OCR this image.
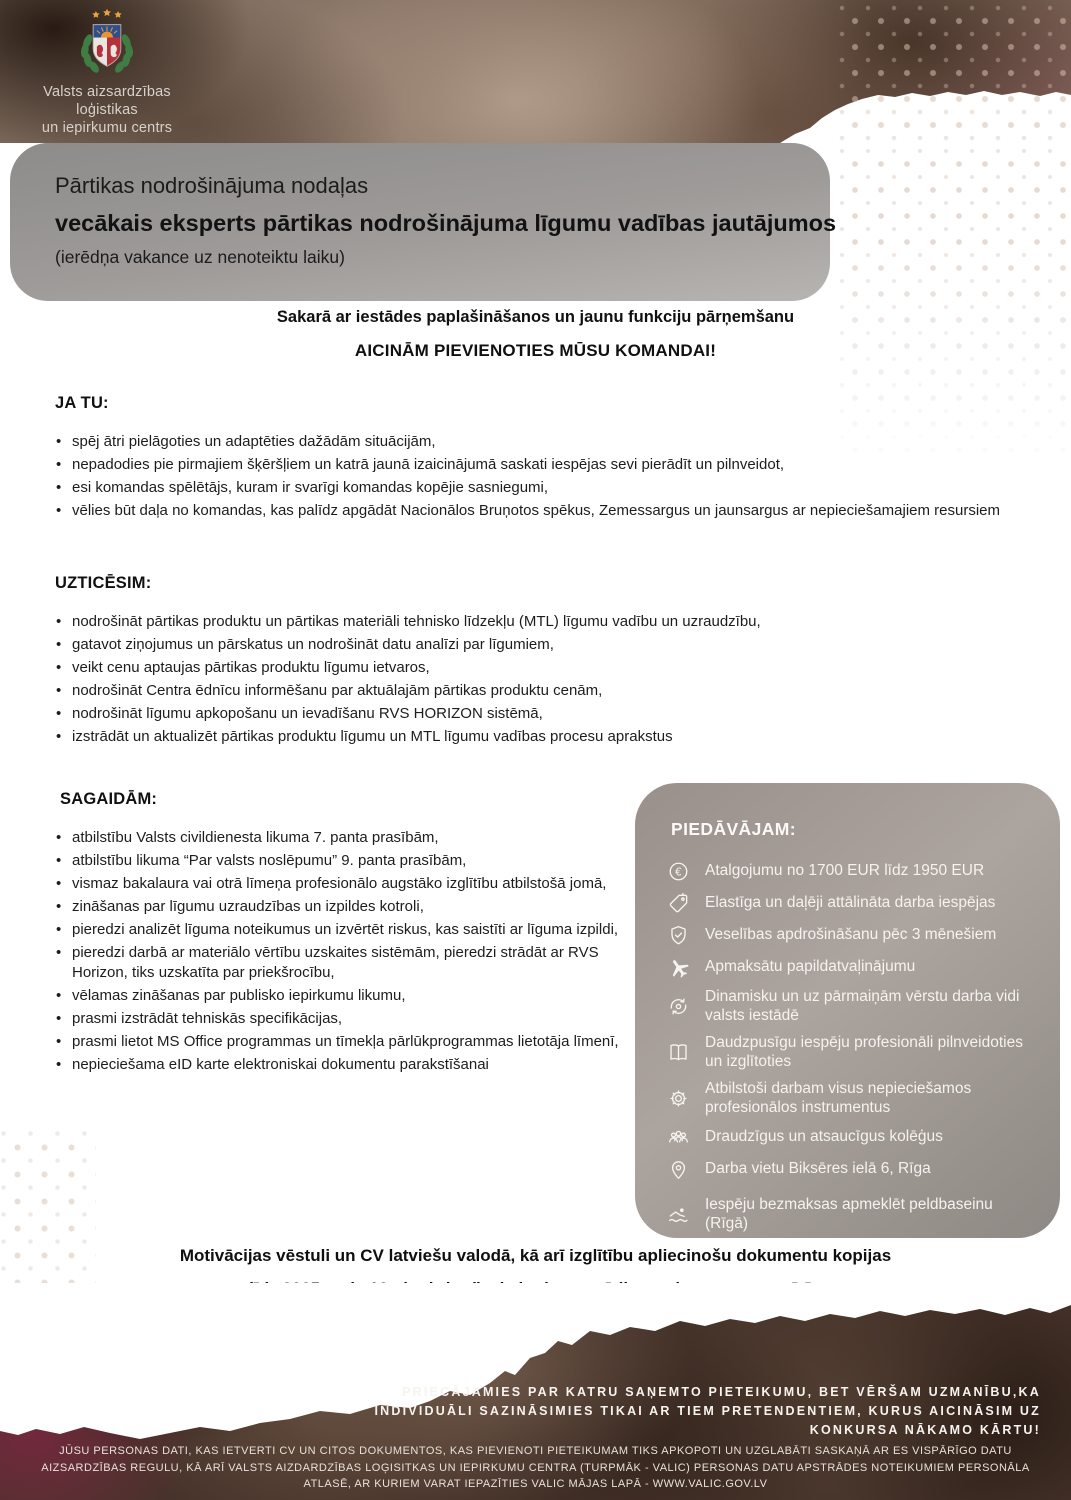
Valsts aizsardzības loģistikas
un iepirkumu centrs
Pārtikas nodrošinājuma nodaļas
vecākais eksperts pārtikas nodrošinājuma līgumu vadības jautājumos
(ierēdņa vakance uz nenoteiktu laiku)
Sakarā ar iestādes paplašināšanos un jaunu funkciju pārņemšanu
AICINĀM PIEVIENOTIES MŪSU KOMANDAI!
JA TU:
• spēj ātri pielāgoties un adaptēties dažādām situācijām,
• nepadodies pie pirmajiem šķēršļiem un katrā jaunā izaicinājumā saskati iespējas sevi pierādīt un pilnveidot,
• esi komandas spēlētājs, kuram ir svarīgi komandas kopējie sasniegumi,
• vēlies būt daļa no komandas, kas palīdz apgādāt Nacionālos Bruņotos spēkus, Zemessargus un jaunsargus ar nepieciešamajiem resursiem
UZTICĒSIM:
• nodrošināt pārtikas produktu un pārtikas materiāli tehnisko līdzekļu (MTL) līgumu vadību un uzraudzību,
• gatavot ziņojumus un pārskatus un nodrošināt datu analīzi par līgumiem,
• veikt cenu aptaujas pārtikas produktu līgumu ietvaros,
• nodrošināt Centra ēdnīcu informēšanu par aktuālajām pārtikas produktu cenām,
• nodrošināt līgumu apkopošanu un ievadīšanu RVS HORIZON sistēmā,
• izstrādāt un aktualizēt pārtikas produktu līgumu un MTL līgumu vadības procesu aprakstus
SAGAIDĀM:
• atbilstību Valsts civildienesta likuma 7. panta prasībām,
• atbilstību likuma “Par valsts noslēpumu” 9. panta prasībām,
• vismaz bakalaura vai otrā līmeņa profesionālo augstāko izglītību atbilstošā jomā,
• zināšanas par līgumu uzraudzības un izpildes kotroli,
• pieredzi analizēt līguma noteikumus un izvērtēt riskus, kas saistīti ar līguma izpildi,
• pieredzi darbā ar materiālo vērtību uzskaites sistēmām, pieredzi strādāt ar RVS Horizon, tiks uzskatīta par priekšrocību,
• vēlamas zināšanas par publisko iepirkumu likumu,
• prasmi izstrādāt tehniskās specifikācijas,
• prasmi lietot MS Office programmas un tīmekļa pārlūkprogrammas lietotāja līmenī,
• nepieciešama eID karte elektroniskai dokumentu parakstīšanai
PIEDĀVĀJAM:
€ Atalgojumu no 1700 EUR līdz 1950 EUR
Elastīga un daļēji attālināta darba iespējas
Veselības apdrošināšanu pēc 3 mēnešiem
Apmaksātu papildatvaļinājumu
Dinamisku un uz pārmaiņām vērstu darba vidi valsts iestādē
Daudzpusīgu iespēju profesionāli pilnveidoties un izglītoties
Atbilstoši darbam visus nepieciešamos profesionālos instrumentus
Draudzīgus un atsaucīgus kolēģus
Darba vietu Biksēres ielā 6, Rīga
Iespēju bezmaksas apmeklēt peldbaseinu (Rīgā)
Motivācijas vēstuli un CV latviešu valodā, kā arī izglītību apliecinošu dokumentu kopijas
PRIECĀJAMIES PAR KATRU SAŅEMTO PIETEIKUMU, BET VĒRŠAM UZMANĪBU,KA
INDIVIDUĀLI SAZINĀSIMIES TIKAI AR TIEM PRETENDENTIEM, KURUS AICINĀSIM UZ
KONKURSA NĀKAMO KĀRTU!
JŪSU PERSONAS DATI, KAS IETVERTI CV UN CITOS DOKUMENTOS, KAS PIEVIENOTI PIETEIKUMAM TIKS APKOPOTI UN UZGLABĀTI SASKAŅĀ AR ES VISPĀRĪGO DATU
AIZSARDZĪBAS REGULU, KĀ ARĪ VALSTS AIZDARDZĪBAS LOĢISITKAS UN IEPIRKUMU CENTRA (TURPMĀK - VALIC) PERSONAS DATU APSTRĀDES NOTEIKUMIEM PERSONĀLA
ATLASĒ, AR KURIEM VARAT IEPAZĪTIES VALIC MĀJAS LAPĀ - WWW.VALIC.GOV.LV
